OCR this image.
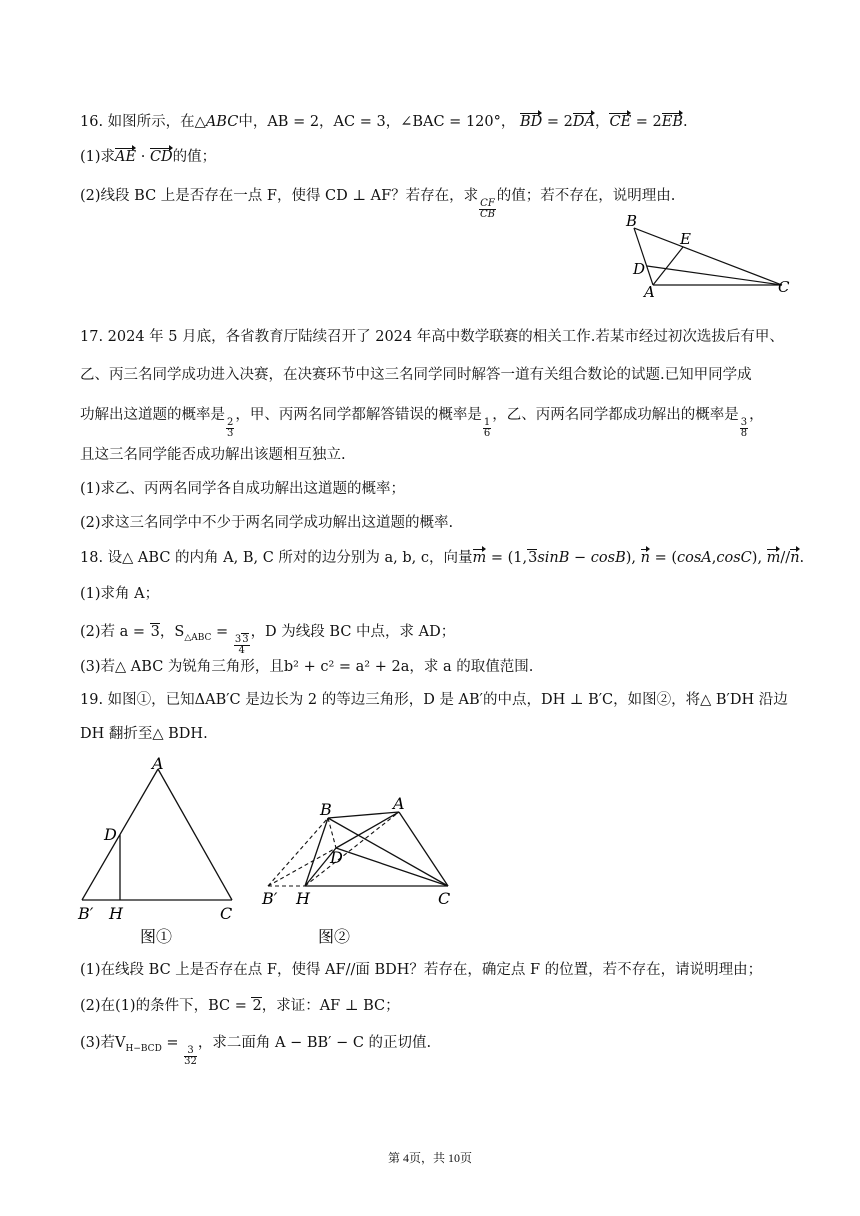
16. 如图所示，在△ABC中，AB = 2，AC = 3，∠BAC = 120°， BD = 2DA，CE = 2EB.
(1)求AE · CD的值；
(2)线段 BC 上是否存在一点 F，使得 CD ⊥ AF？若存在，求
$\frac{CF}{CB}$
的值；若不存在，说明理由.
B
E
D
A	C
17. 2024 年 5 月底，各省教育厅陆续召开了 2024 年高中数学联赛的相关工作.若某市经过初次选拔后有甲、
乙、丙三名同学成功进入决赛，在决赛环节中这三名同学同时解答一道有关组合数论的试题.已知甲同学成
功解出这道题的概率是
$\frac{2}{3}$
，甲、丙两名同学都解答错误的概率是
$\frac{1}{6}$
，乙、丙两名同学都成功解出的概率是
$\frac{3}{8}$
，
且这三名同学能否成功解出该题相互独立.
(1)求乙、丙两名同学各自成功解出这道题的概率；
(2)求这三名同学中不少于两名同学成功解出这道题的概率.
18. 设△ ABC 的内角 A, B, C 所对的边分别为 a, b, c，向量m = (1,3sinB − cosB), n = (cosA,cosC), m//n.
(1)求角 A；
(2)若 a = 3，$S_{\triangle ABC}$ =
$\frac{33}{4}$
，D 为线段 BC 中点，求 AD；
(3)若△ ABC 为锐角三角形，且b² + c² = a² + 2a，求 a 的取值范围.
19. 如图①，已知ΔAB′C 是边长为 2 的等边三角形，D 是 AB′的中点，DH ⊥ B′C，如图②，将△ B′DH 沿边
DH 翻折至△ BDH.
A
D
B′ H	C
图①
B	A
D
B′ H	C
图②
(1)在线段 BC 上是否存在点 F，使得 AF//面 BDH？若存在，确定点 F 的位置，若不存在，请说明理由；
(2)在(1)的条件下，BC = 2，求证：AF ⊥ BC；
(3)若$V_{H-BCD}$ =
$\frac{3}{32}$
，求二面角 A − BB′ − C 的正切值.
第 4页，共 10页
